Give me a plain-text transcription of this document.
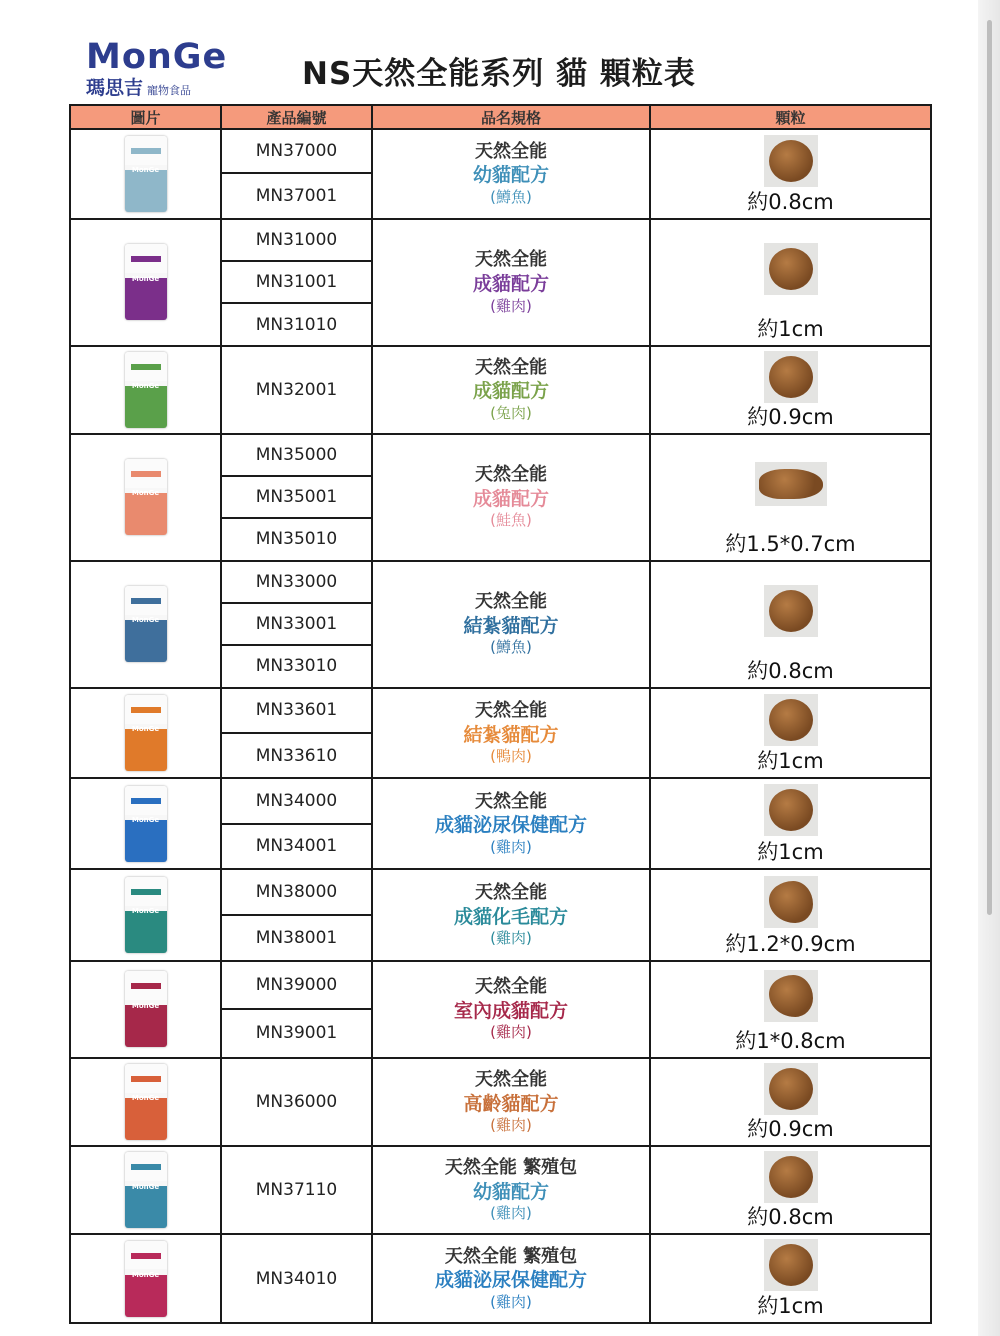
MonGe
瑪思吉 寵物食品	NS天然全能系列 貓 顆粒表
圖片	產品編號	品名規格	顆粒

MonGe	MN37000	天然全能
幼貓配方
(鱒魚)	約0.8cm

	MN37001		

MonGe	MN31000	天然全能
成貓配方
(雞肉)	約1cm

	MN31001		
	MN31010		

MonGe	MN32001	天然全能
成貓配方
(兔肉)	約0.9cm

MonGe	MN35000	天然全能
成貓配方
(鮭魚)	約1.5*0.7cm

	MN35001		
	MN35010		

MonGe	MN33000	天然全能
結紮貓配方
(鱒魚)	約0.8cm

	MN33001		
	MN33010		

MonGe	MN33601	天然全能
結紮貓配方
(鴨肉)	約1cm

	MN33610		

MonGe	MN34000	天然全能
成貓泌尿保健配方
(雞肉)	約1cm

	MN34001		

MonGe	MN38000	天然全能
成貓化毛配方
(雞肉)	約1.2*0.9cm

	MN38001		

MonGe	MN39000	天然全能
室內成貓配方
(雞肉)	約1*0.8cm

	MN39001		

MonGe	MN36000	天然全能
高齡貓配方
(雞肉)	約0.9cm

MonGe	MN37110	天然全能 繁殖包
幼貓配方
(雞肉)	約0.8cm

MonGe	MN34010	天然全能 繁殖包
成貓泌尿保健配方
(雞肉)	約1cm
